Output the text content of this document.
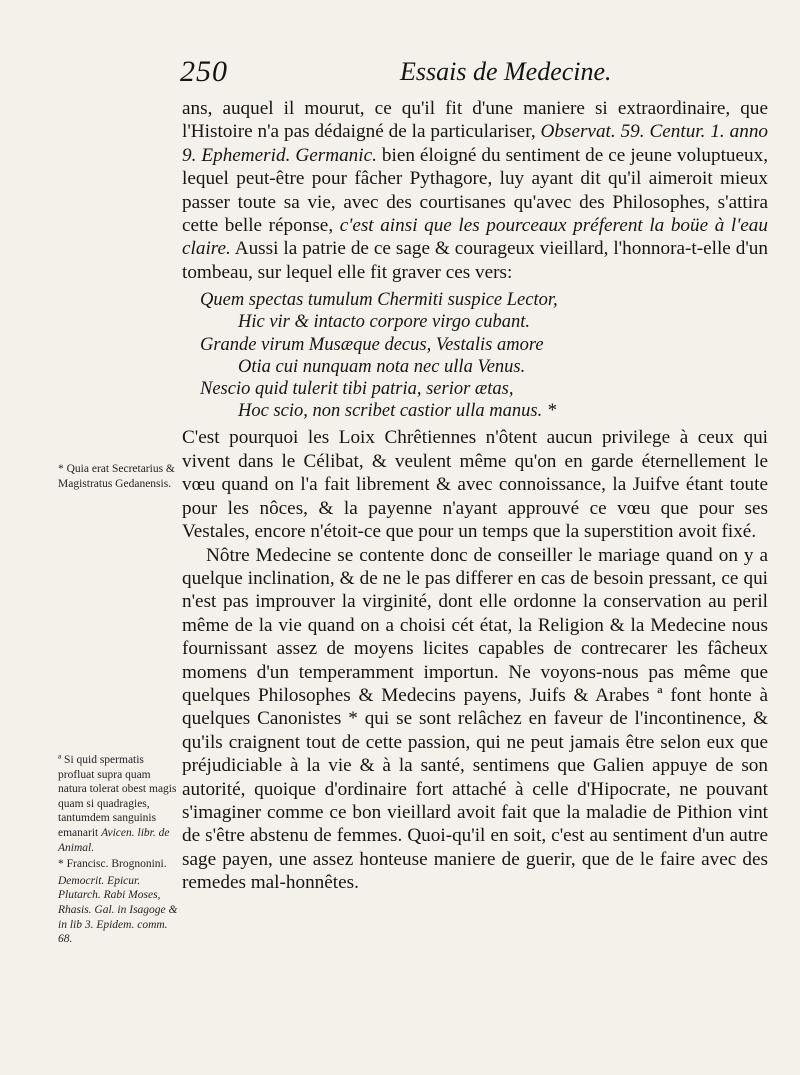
250	Essais de Medecine.

ans, auquel il mourut, ce qu'il fit d'une maniere si extraordinaire, que l'Histoire n'a pas dédaigné de la particulariser, Observat. 59. Centur. 1. anno 9. Ephemerid. Germanic. bien éloigné du sentiment de ce jeune voluptueux, lequel peut-être pour fâcher Pythagore, luy ayant dit qu'il aimeroit mieux passer toute sa vie, avec des courtisanes qu'avec des Philosophes, s'attira cette belle réponse, c'est ainsi que les pourceaux préferent la boüe à l'eau claire. Aussi la patrie de ce sage & courageux vieillard, l'honnora-t-elle d'un tombeau, sur lequel elle fit graver ces vers:

Quem spectas tumulum Chermiti suspice Lector,
Hic vir & intacto corpore virgo cubant.
Grande virum Musæque decus, Vestalis amore
Otia cui nunquam nota nec ulla Venus.
Nescio quid tulerit tibi patria, serior ætas,
Hoc scio, non scribet castior ulla manus. *

C'est pourquoi les Loix Chrêtiennes n'ôtent aucun privilege à ceux qui vivent dans le Célibat, & veulent même qu'on en garde éternellement le vœu quand on l'a fait librement & avec connoissance, la Juifve étant toute pour les nôces, & la payenne n'ayant approuvé ce vœu que pour ses Vestales, encore n'étoit-ce que pour un temps que la superstition avoit fixé.

Nôtre Medecine se contente donc de conseiller le mariage quand on y a quelque inclination, & de ne le pas differer en cas de besoin pressant, ce qui n'est pas improuver la virginité, dont elle ordonne la conservation au peril même de la vie quand on a choisi cét état, la Religion & la Medecine nous fournissant assez de moyens licites capables de contrecarer les fâcheux momens d'un temperamment importun. Ne voyons-nous pas même que quelques Philosophes & Medecins payens, Juifs & Arabes ª font honte à quelques Canonistes * qui se sont relâchez en faveur de l'incontinence, & qu'ils craignent tout de cette passion, qui ne peut jamais être selon eux que préjudiciable à la vie & à la santé, sentimens que Galien appuye de son autorité, quoique d'ordinaire fort attaché à celle d'Hipocrate, ne pouvant s'imaginer comme ce bon vieillard avoit fait que la maladie de Pithion vint de s'être abstenu de femmes. Quoi-qu'il en soit, c'est au sentiment d'un autre sage payen, une assez honteuse maniere de guerir, que de le faire avec des remedes mal-honnêtes.

* Quia erat Secretarius & Magistratus Gedanensis.
ª Si quid spermatis profluat supra quam natura tolerat obest magis quam si quadragies, tantumdem sanguinis emanarit Avicen. libr. de Animal.
* Francisc. Brognonini.
Democrit. Epicur. Plutarch. Rabi Moses, Rhasis. Gal. in Isagoge & in lib 3. Epidem. comm. 68.
